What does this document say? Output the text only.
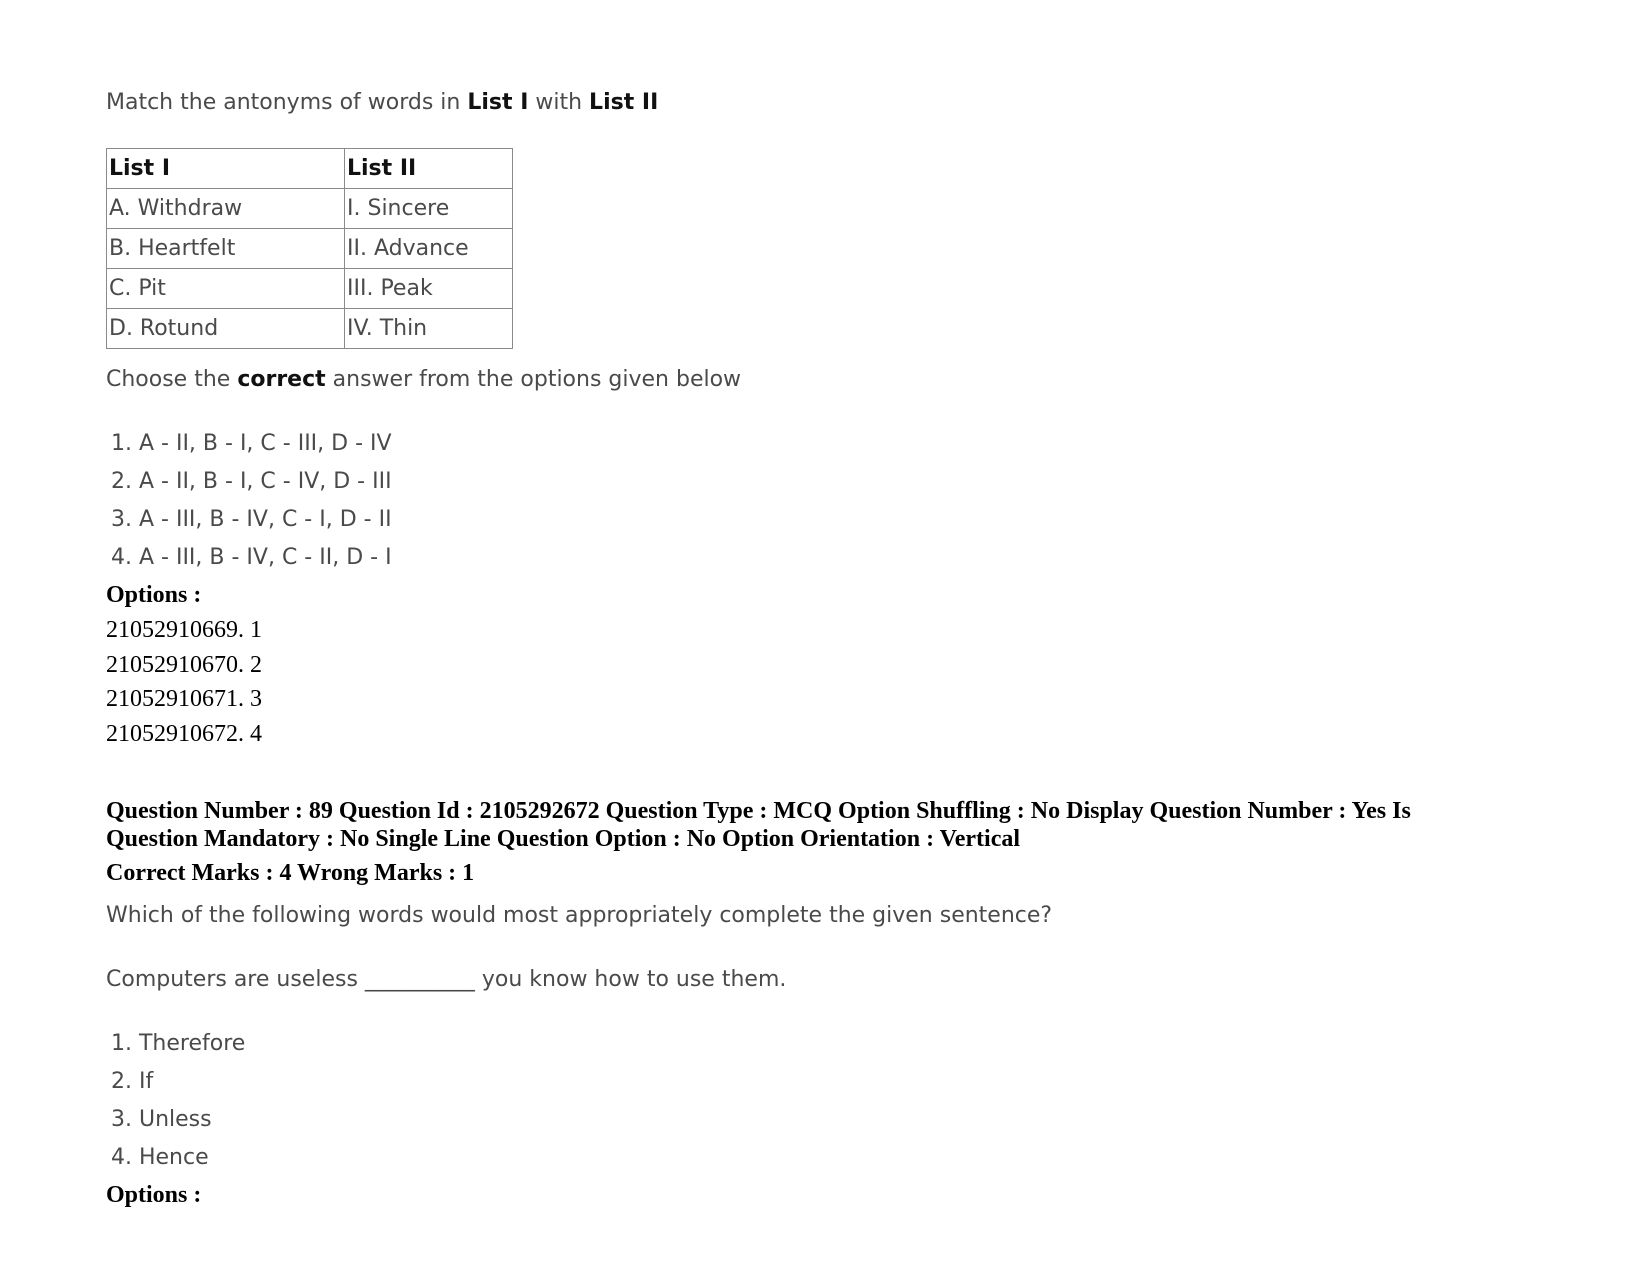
Match the antonyms of words in List I with List II
List I	List II
A. Withdraw	I. Sincere
B. Heartfelt	II. Advance
C. Pit	III. Peak
D. Rotund	IV. Thin
Choose the correct answer from the options given below
1. A - II, B - I, C - III, D - IV
2. A - II, B - I, C - IV, D - III
3. A - III, B - IV, C - I, D - II
4. A - III, B - IV, C - II, D - I
Options :
21052910669. 1
21052910670. 2
21052910671. 3
21052910672. 4
Question Number : 89 Question Id : 2105292672 Question Type : MCQ Option Shuffling : No Display Question Number : Yes Is
Question Mandatory : No Single Line Question Option : No Option Orientation : Vertical
Correct Marks : 4 Wrong Marks : 1
Which of the following words would most appropriately complete the given sentence?
Computers are useless __________ you know how to use them.
1. Therefore
2. If
3. Unless
4. Hence
Options :
